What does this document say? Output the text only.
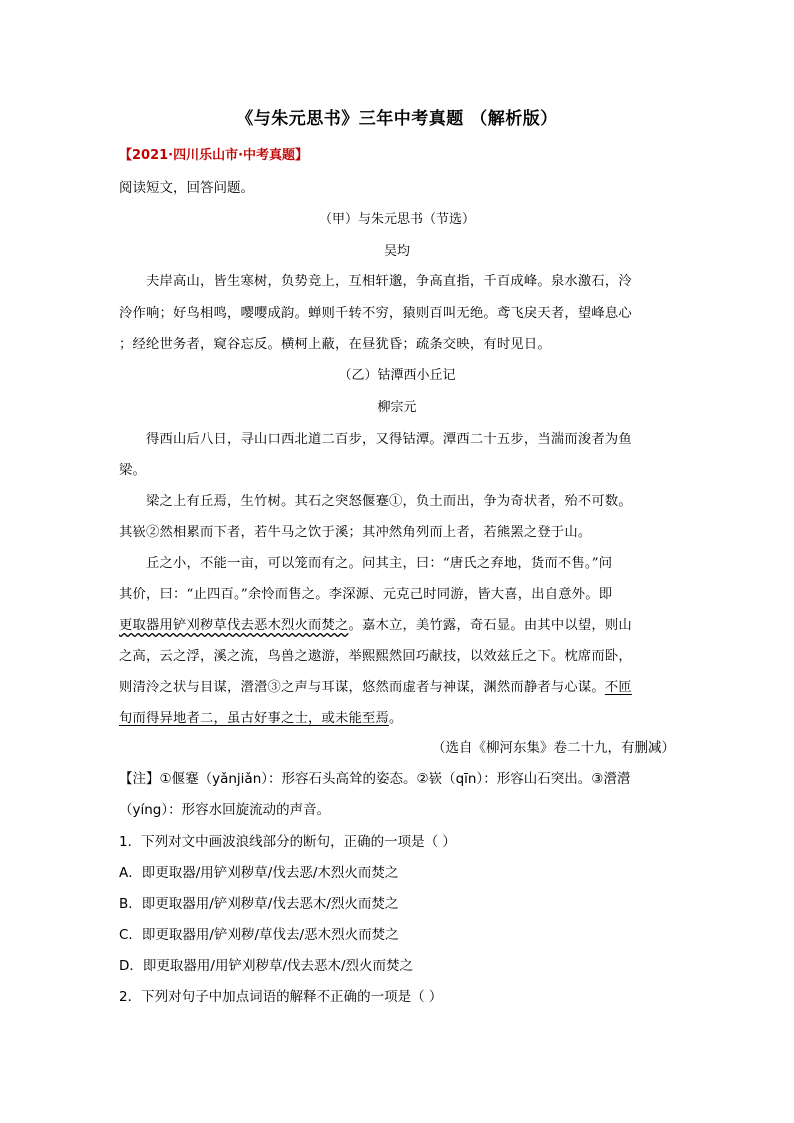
《与朱元思书》三年中考真题 （解析版）
【2021·四川乐山市·中考真题】
阅读短文，回答问题。
（甲）与朱元思书（节选）
吴均
夫岸高山，皆生寒树，负势竞上，互相轩邈，争高直指，千百成峰。泉水激石，泠
泠作响；好鸟相鸣，嘤嘤成韵。蝉则千转不穷，猿则百叫无绝。鸢飞戾天者，望峰息心
；经纶世务者，窥谷忘反。横柯上蔽，在昼犹昏；疏条交映，有时见日。
（乙）钴潭西小丘记
柳宗元
得西山后八日，寻山口西北道二百步，又得钴潭。潭西二十五步，当湍而浚者为鱼
梁。
梁之上有丘焉，生竹树。其石之突怒偃蹇①，负土而出，争为奇状者，殆不可数。
其嵚②然相累而下者，若牛马之饮于溪；其冲然角列而上者，若熊罴之登于山。
丘之小，不能一亩，可以笼而有之。问其主，曰：“唐氏之弃地，货而不售。”问
其价，曰：“止四百。”余怜而售之。李深源、元克己时同游，皆大喜，出自意外。即
更取器用铲刈秽草伐去恶木烈火而焚之。嘉木立，美竹露，奇石显。由其中以望，则山
之高，云之浮，溪之流，鸟兽之遨游，举熙熙然回巧献技，以效兹丘之下。枕席而卧，
则清泠之状与目谋，瀯瀯③之声与耳谋，悠然而虚者与神谋，渊然而静者与心谋。不匝
旬而得异地者二，虽古好事之士，或未能至焉。
（选自《柳河东集》卷二十九，有删减）
【注】①偃蹇（yǎnjiǎn）：形容石头高耸的姿态。②嵚（qīn）：形容山石突出。③瀯瀯
（yíng）：形容水回旋流动的声音。
1．下列对文中画波浪线部分的断句，正确的一项是（ ）
A．即更取器/用铲刈秽草/伐去恶/木烈火而焚之
B．即更取器用/铲刈秽草/伐去恶木/烈火而焚之
C．即更取器用/铲刈秽/草伐去/恶木烈火而焚之
D．即更取器用/用铲刈秽草/伐去恶木/烈火而焚之
2．下列对句子中加点词语的解释不正确的一项是（ ）
